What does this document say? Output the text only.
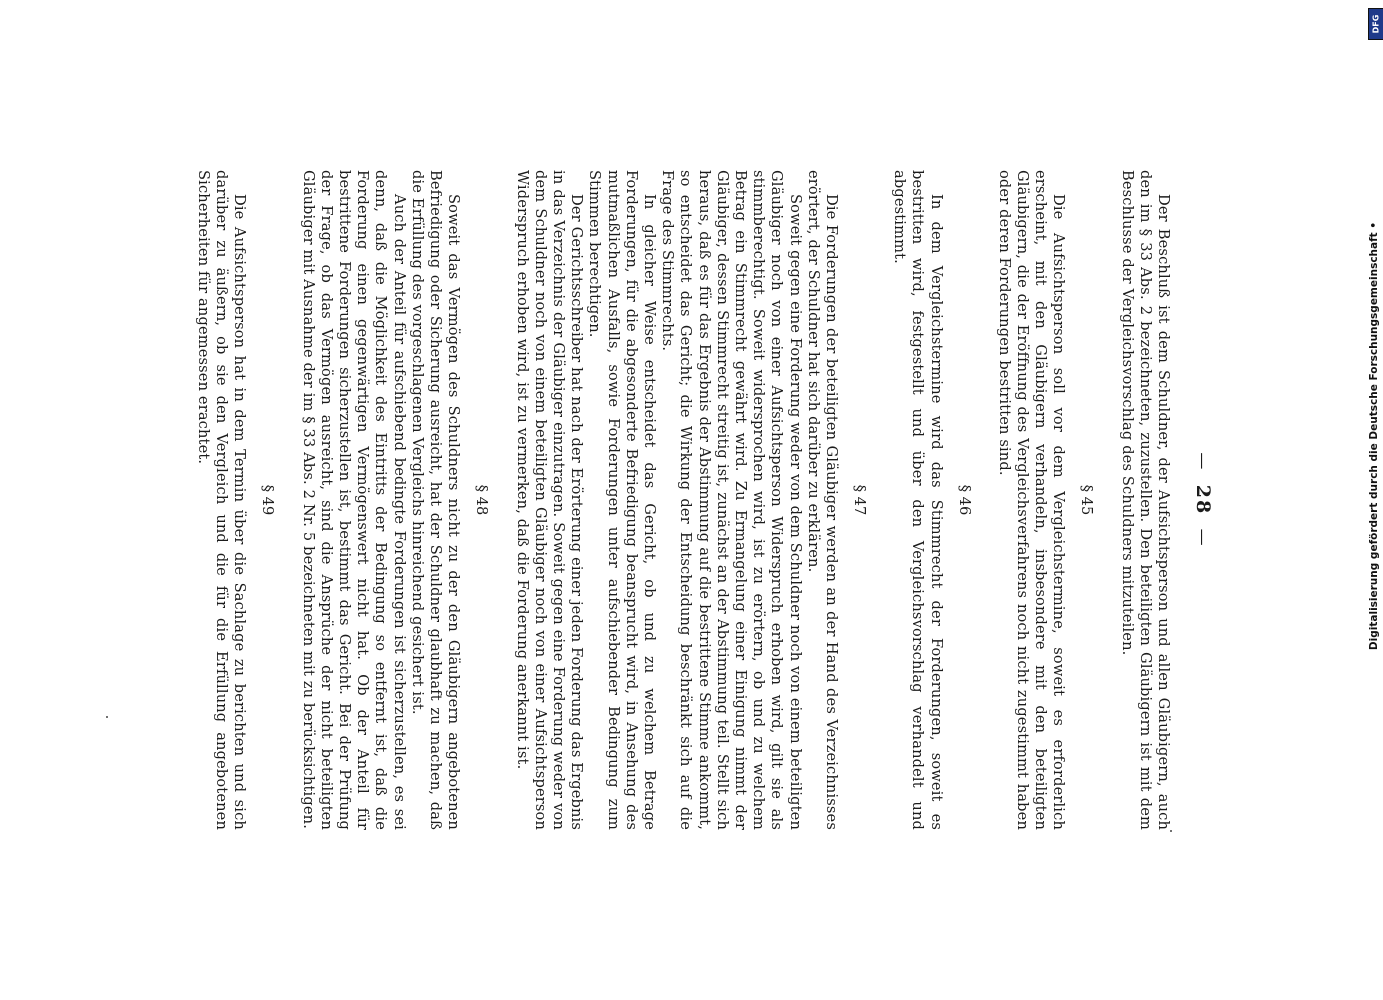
— 28 —

Der Beschluß ist dem Schuldner, der Aufsichtsperson und allen Gläubigern, auch den im § 33 Abs. 2 bezeichneten, zuzustellen. Den beteiligten Gläubigern ist mit dem Beschlusse der Vergleichsvorschlag des Schuldners mitzuteilen.

§ 45

Die Aufsichtsperson soll vor dem Vergleichstermine, soweit es erforderlich erscheint, mit den Gläubigern verhandeln, insbesondere mit den beteiligten Gläubigern, die der Eröffnung des Vergleichsverfahrens noch nicht zugestimmt haben oder deren Forderungen bestritten sind.

§ 46

In dem Vergleichstermine wird das Stimmrecht der Forderungen, soweit es bestritten wird, festgestellt und über den Vergleichsvorschlag verhandelt und abgestimmt.

§ 47

Die Forderungen der beteiligten Gläubiger werden an der Hand des Verzeichnisses erörtert, der Schuldner hat sich darüber zu erklären.

Soweit gegen eine Forderung weder von dem Schuldner noch von einem beteiligten Gläubiger noch von einer Aufsichtsperson Widerspruch erhoben wird, gilt sie als stimmberechtigt. Soweit widersprochen wird, ist zu erörtern, ob und zu welchem Betrag ein Stimmrecht gewährt wird. Zu Ermangelung einer Einigung nimmt der Gläubiger, dessen Stimmrecht streitig ist, zunächst an der Abstimmung teil. Stellt sich heraus, daß es für das Ergebnis der Abstimmung auf die bestrittene Stimme ankommt, so entscheidet das Gericht; die Wirkung der Entscheidung beschränkt sich auf die Frage des Stimmrechts.

In gleicher Weise entscheidet das Gericht, ob und zu welchem Betrage Forderungen, für die abgesonderte Befriedigung beansprucht wird, in Ansehung des mutmaßlichen Ausfalls, sowie Forderungen unter aufschiebender Bedingung zum Stimmen berechtigen.

Der Gerichtsschreiber hat nach der Erörterung einer jeden Forderung das Ergebnis in das Verzeichnis der Gläubiger einzutragen. Soweit gegen eine Forderung weder von dem Schuldner noch von einem beteiligten Gläubiger noch von einer Aufsichtsperson Widerspruch erhoben wird, ist zu vermerken, daß die Forderung anerkannt ist.

§ 48

Soweit das Vermögen des Schuldners nicht zu der den Gläubigern angebotenen Befriedigung oder Sicherung ausreicht, hat der Schuldner glaubhaft zu machen, daß die Erfüllung des vorgeschlagenen Vergleichs hinreichend gesichert ist.

Auch der Anteil für aufschiebend bedingte Forderungen ist sicherzustellen, es sei denn, daß die Möglichkeit des Eintritts der Bedingung so entfernt ist, daß die Forderung einen gegenwärtigen Vermögenswert nicht hat. Ob der Anteil für bestrittene Forderungen sicherzustellen ist, bestimmt das Gericht. Bei der Prüfung der Frage, ob das Vermögen ausreicht, sind die Ansprüche der nicht beteiligten Gläubiger mit Ausnahme der im § 33 Abs. 2 Nr. 5 bezeichneten mit zu berücksichtigen.

§ 49

Die Aufsichtsperson hat in dem Termin über die Sachlage zu berichten und sich darüber zu äußern, ob sie den Vergleich und die für die Erfüllung angebotenen Sicherheiten für angemessen erachtet.

DFG
Digitalisierung gefördert durch die Deutsche Forschungsgemeinschaft •
